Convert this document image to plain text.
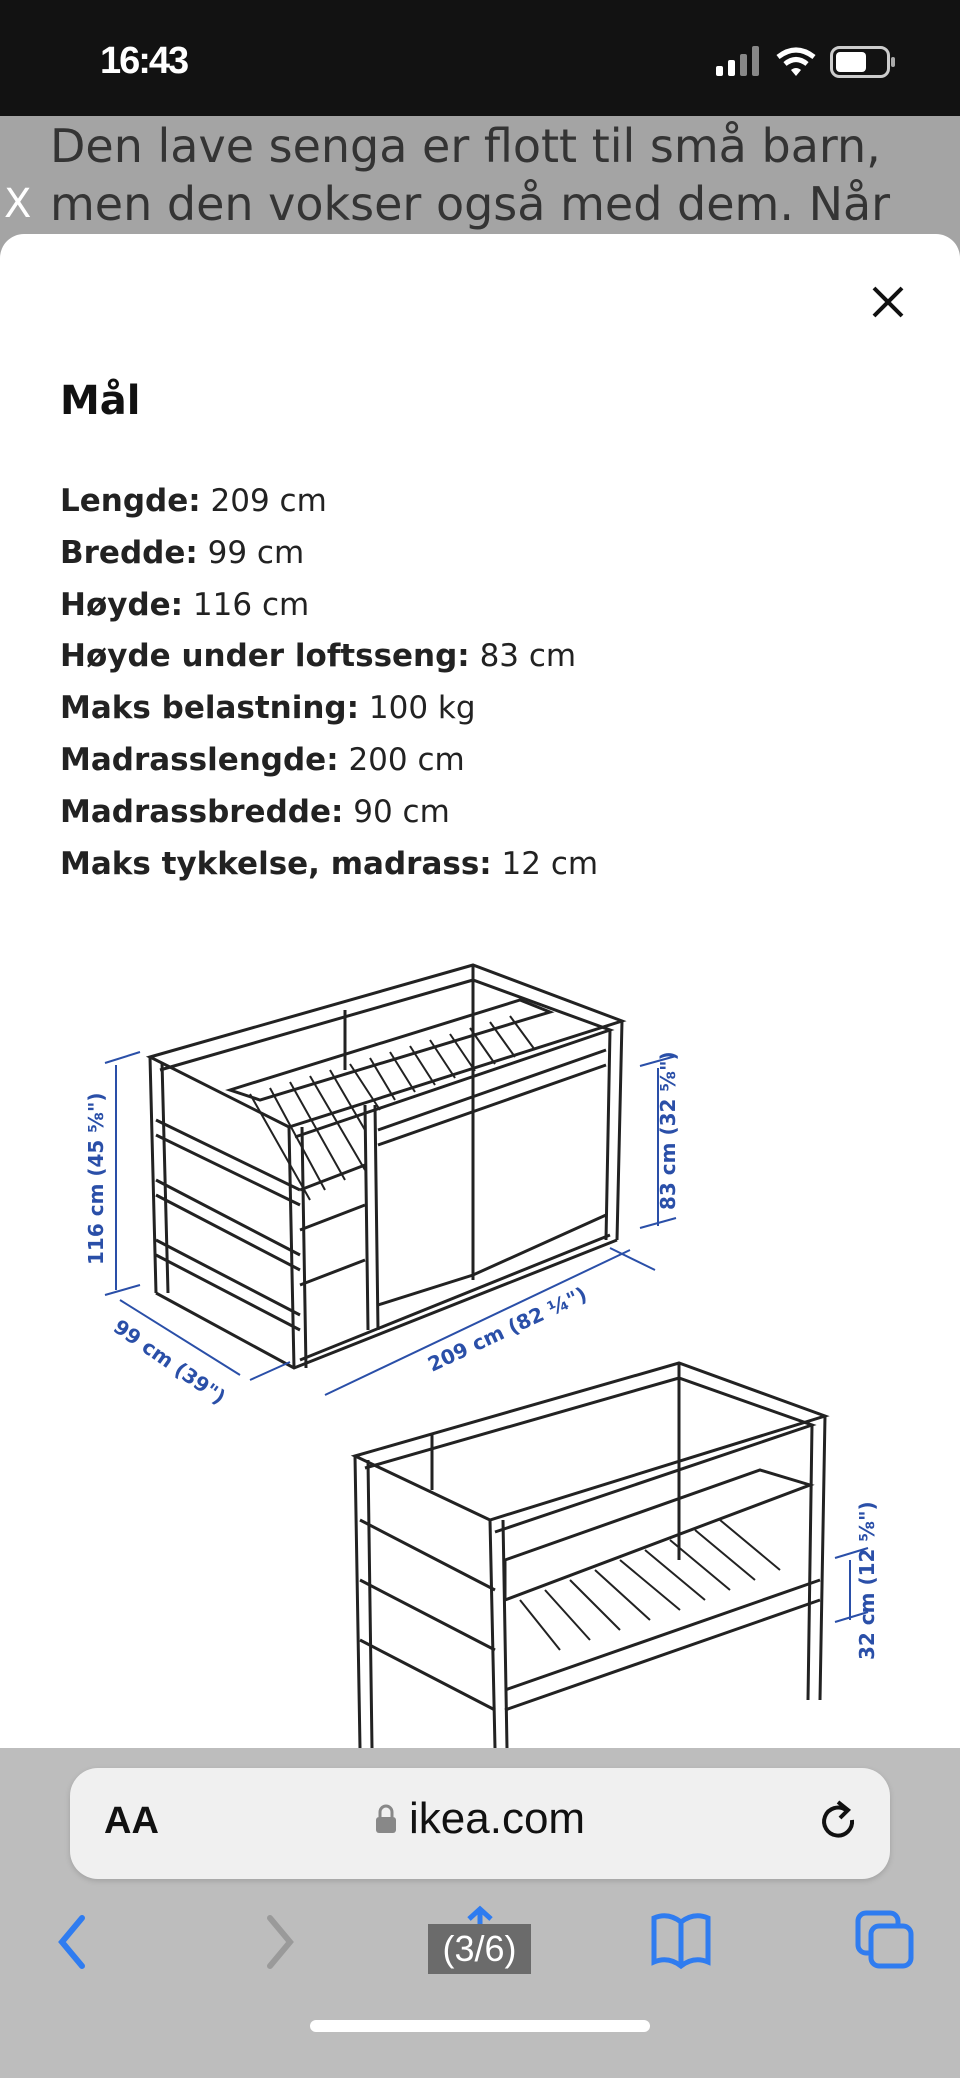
Den lave senga er flott til små barn,
men den vokser også med dem. Når
X
16:43
Mål
Lengde: 209 cm
Bredde: 99 cm
Høyde: 116 cm
Høyde under loftsseng: 83 cm
Maks belastning: 100 kg
Madrasslengde: 200 cm
Madrassbredde: 90 cm
Maks tykkelse, madrass: 12 cm
116 cm (45 ⅝")	83 cm (32 ⅝")
99 cm (39")	209 cm (82 ¼")
32 cm (12 ⅝")
AA	ikea.com
(3/6)
